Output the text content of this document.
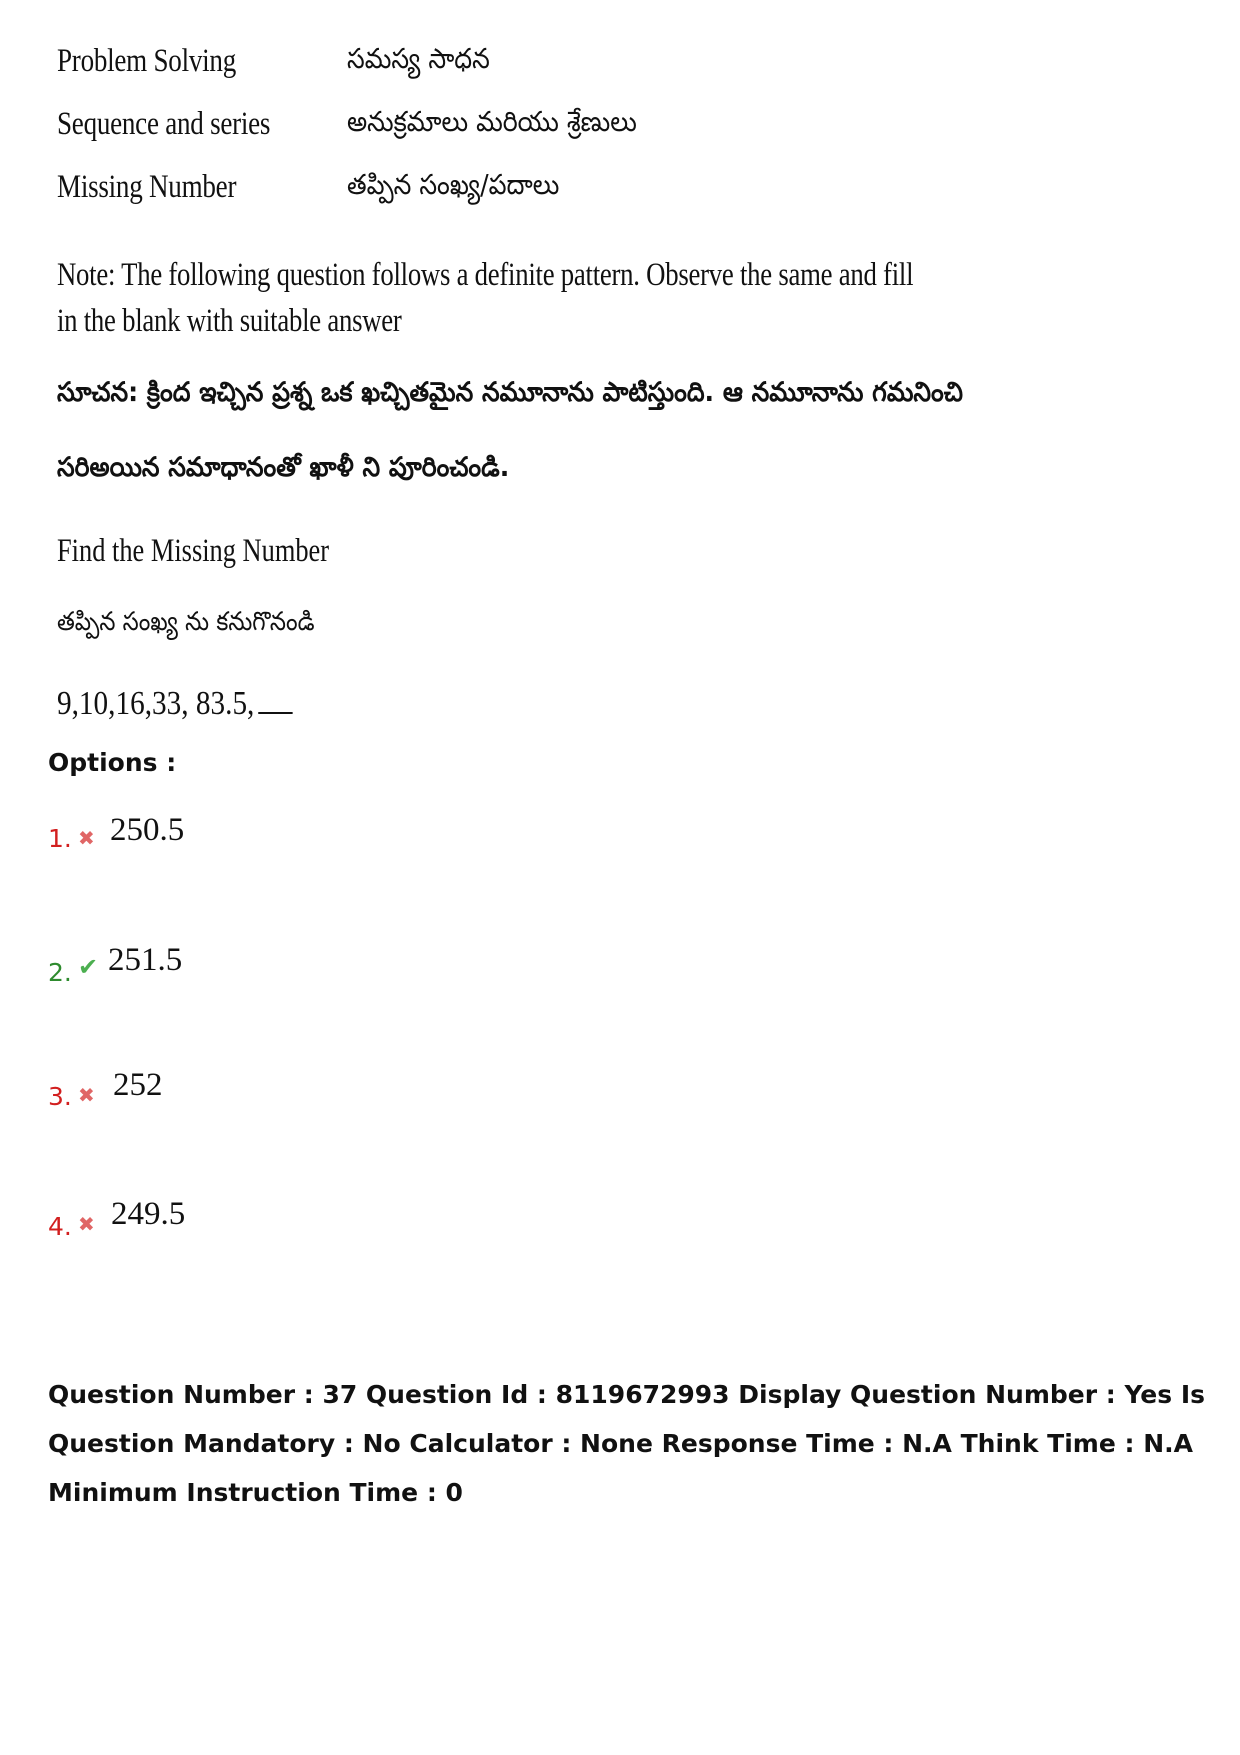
Problem Solving	సమస్య సాధన
Sequence and series	అనుక్రమాలు మరియు శ్రేణులు
Missing Number	తప్పిన సంఖ్య/పదాలు
Note: The following question follows a definite pattern. Observe the same and fill in the blank with suitable answer
సూచన: క్రింద ఇచ్చిన ప్రశ్న ఒక ఖచ్చితమైన నమూనాను పాటిస్తుంది. ఆ నమూనాను గమనించి
సరిఅయిన సమాధానంతో ఖాళీ ని పూరించండి.
Find the Missing Number
తప్పిన సంఖ్య ను కనుగొనండి
9,10,16,33, 83.5,
Options :
1. ✖ 250.5
2. ✔ 251.5
3. ✖ 252
4. ✖ 249.5
Question Number : 37 Question Id : 8119672993 Display Question Number : Yes Is Question Mandatory : No Calculator : None Response Time : N.A Think Time : N.A Minimum Instruction Time : 0
